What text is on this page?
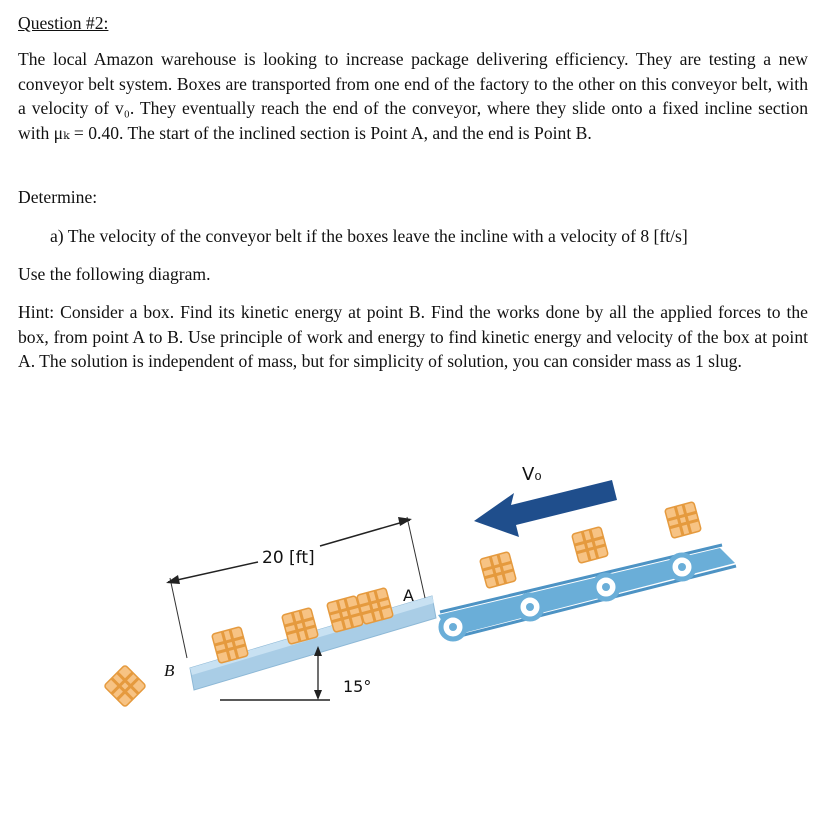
Question #2:

The local Amazon warehouse is looking to increase package delivering efficiency. They are testing a new conveyor belt system. Boxes are transported from one end of the factory to the other on this conveyor belt, with a velocity of v₀. They eventually reach the end of the conveyor, where they slide onto a fixed incline section with μₖ = 0.40. The start of the inclined section is Point A, and the end is Point B.

Determine:

a) The velocity of the conveyor belt if the boxes leave the incline with a velocity of 8 [ft/s]

Use the following diagram.

Hint: Consider a box. Find its kinetic energy at point B. Find the works done by all the applied forces to the box, from point A to B. Use principle of work and energy to find kinetic energy and velocity of the box at point A. The solution is independent of mass, but for simplicity of solution, you can consider mass as 1 slug.

20 [ft]
15°
A
B
V₀
